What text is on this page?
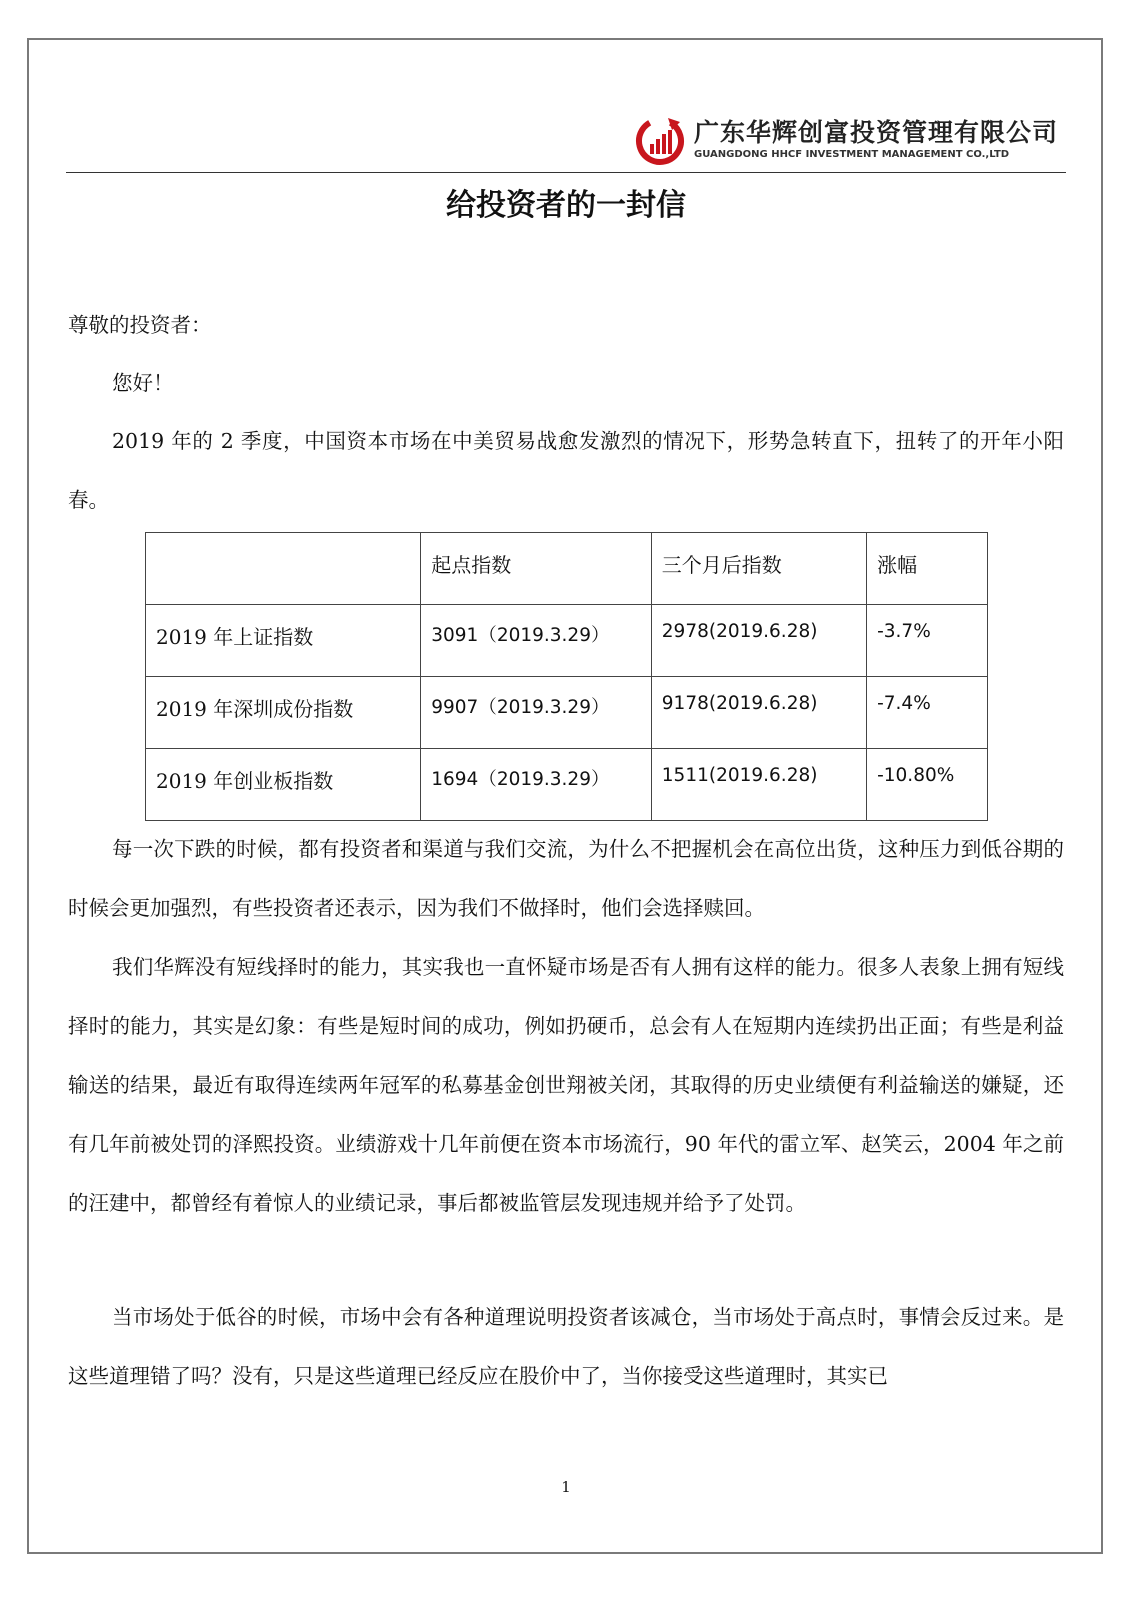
广东华辉创富投资管理有限公司
GUANGDONG HHCF INVESTMENT MANAGEMENT CO.,LTD
给投资者的一封信
尊敬的投资者：
您好！
2019 年的 2 季度，中国资本市场在中美贸易战愈发激烈的情况下，形势急转直下，扭转了的开年小阳春。
	起点指数	三个月后指数	涨幅
2019 年上证指数	3091（2019.3.29）	2978(2019.6.28)	-3.7%
2019 年深圳成份指数	9907（2019.3.29）	9178(2019.6.28)	-7.4%
2019 年创业板指数	1694（2019.3.29）	1511(2019.6.28)	-10.80%
每一次下跌的时候，都有投资者和渠道与我们交流，为什么不把握机会在高位出货，这种压力到低谷期的时候会更加强烈，有些投资者还表示，因为我们不做择时，他们会选择赎回。
我们华辉没有短线择时的能力，其实我也一直怀疑市场是否有人拥有这样的能力。很多人表象上拥有短线择时的能力，其实是幻象：有些是短时间的成功，例如扔硬币，总会有人在短期内连续扔出正面；有些是利益输送的结果，最近有取得连续两年冠军的私募基金创世翔被关闭，其取得的历史业绩便有利益输送的嫌疑，还有几年前被处罚的泽熙投资。业绩游戏十几年前便在资本市场流行，90 年代的雷立军、赵笑云，2004 年之前的汪建中，都曾经有着惊人的业绩记录，事后都被监管层发现违规并给予了处罚。
当市场处于低谷的时候，市场中会有各种道理说明投资者该减仓，当市场处于高点时，事情会反过来。是这些道理错了吗？没有，只是这些道理已经反应在股价中了，当你接受这些道理时，其实已
1
